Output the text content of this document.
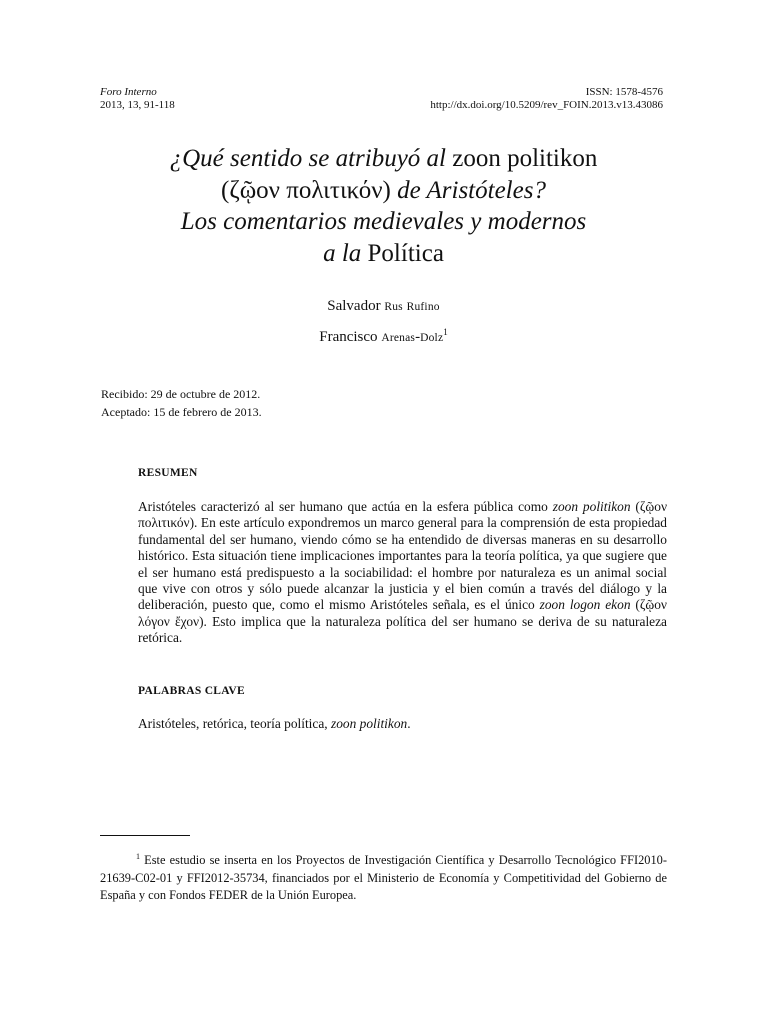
Foro Interno
2013, 13, 91-118
ISSN: 1578-4576
http://dx.doi.org/10.5209/rev_FOIN.2013.v13.43086
¿Qué sentido se atribuyó al zoon politikon
(ζῷον πολιτικόν) de Aristóteles?
Los comentarios medievales y modernos
a la Política
Salvador Rus Rufino
Francisco Arenas-Dolz$^1$
Recibido: 29 de octubre de 2012.
Aceptado: 15 de febrero de 2013.
RESUMEN

Aristóteles caracterizó al ser humano que actúa en la esfera pública como zoon politikon (ζῷον πολιτικόν). En este artículo expondremos un marco general para la comprensión de esta propiedad fundamental del ser humano, viendo cómo se ha entendido de diversas maneras en su desarrollo histórico. Esta situación tiene implicaciones importantes para la teoría política, ya que sugiere que el ser humano está predispuesto a la sociabilidad: el hombre por naturaleza es un animal social que vive con otros y sólo puede alcanzar la justicia y el bien común a través del diálogo y la deliberación, puesto que, como el mismo Aristóteles señala, es el único zoon logon ekon (ζῷον λόγον ἔχον). Esto implica que la naturaleza política del ser humano se deriva de su naturaleza retórica.

PALABRAS CLAVE

Aristóteles, retórica, teoría política, zoon politikon.

$^1$ Este estudio se inserta en los Proyectos de Investigación Científica y Desarrollo Tecnológico FFI2010-21639-C02-01 y FFI2012-35734, financiados por el Ministerio de Economía y Competitividad del Gobierno de España y con Fondos FEDER de la Unión Europea.
